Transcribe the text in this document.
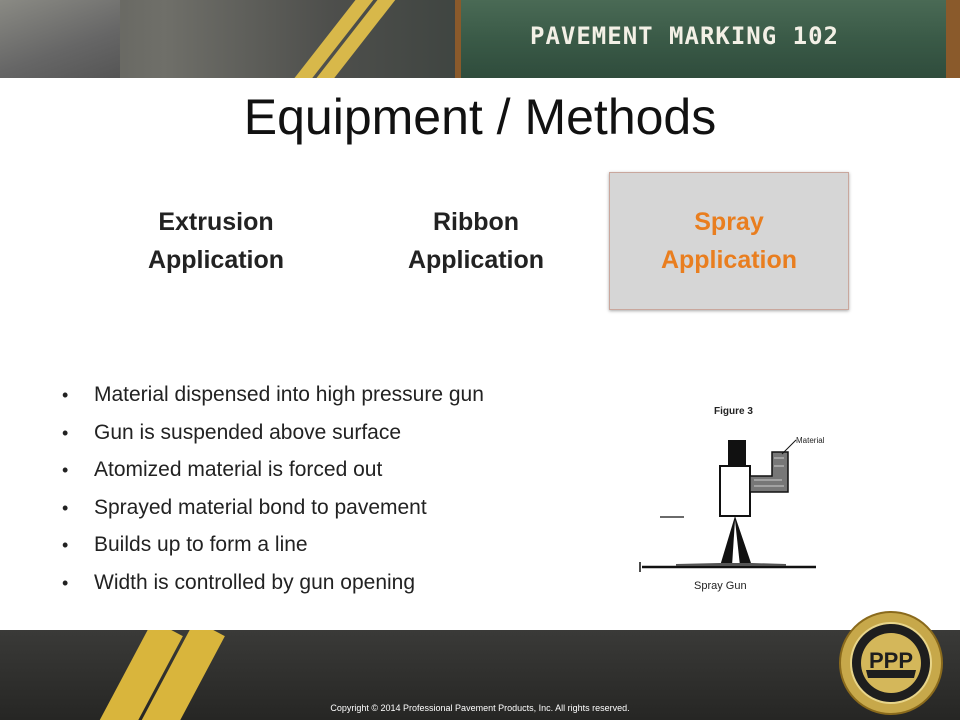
PAVEMENT MARKING 102
Equipment / Methods
Extrusion
Application
Ribbon
Application
Spray
Application
• Material dispensed into high pressure gun
• Gun is suspended above surface
• Atomized material is forced out
• Sprayed material bond to pavement
• Builds up to form a line
• Width is controlled by gun opening
Figure 3
Material
Spray Gun
Copyright © 2014 Professional Pavement Products, Inc. All rights reserved.
PPP
